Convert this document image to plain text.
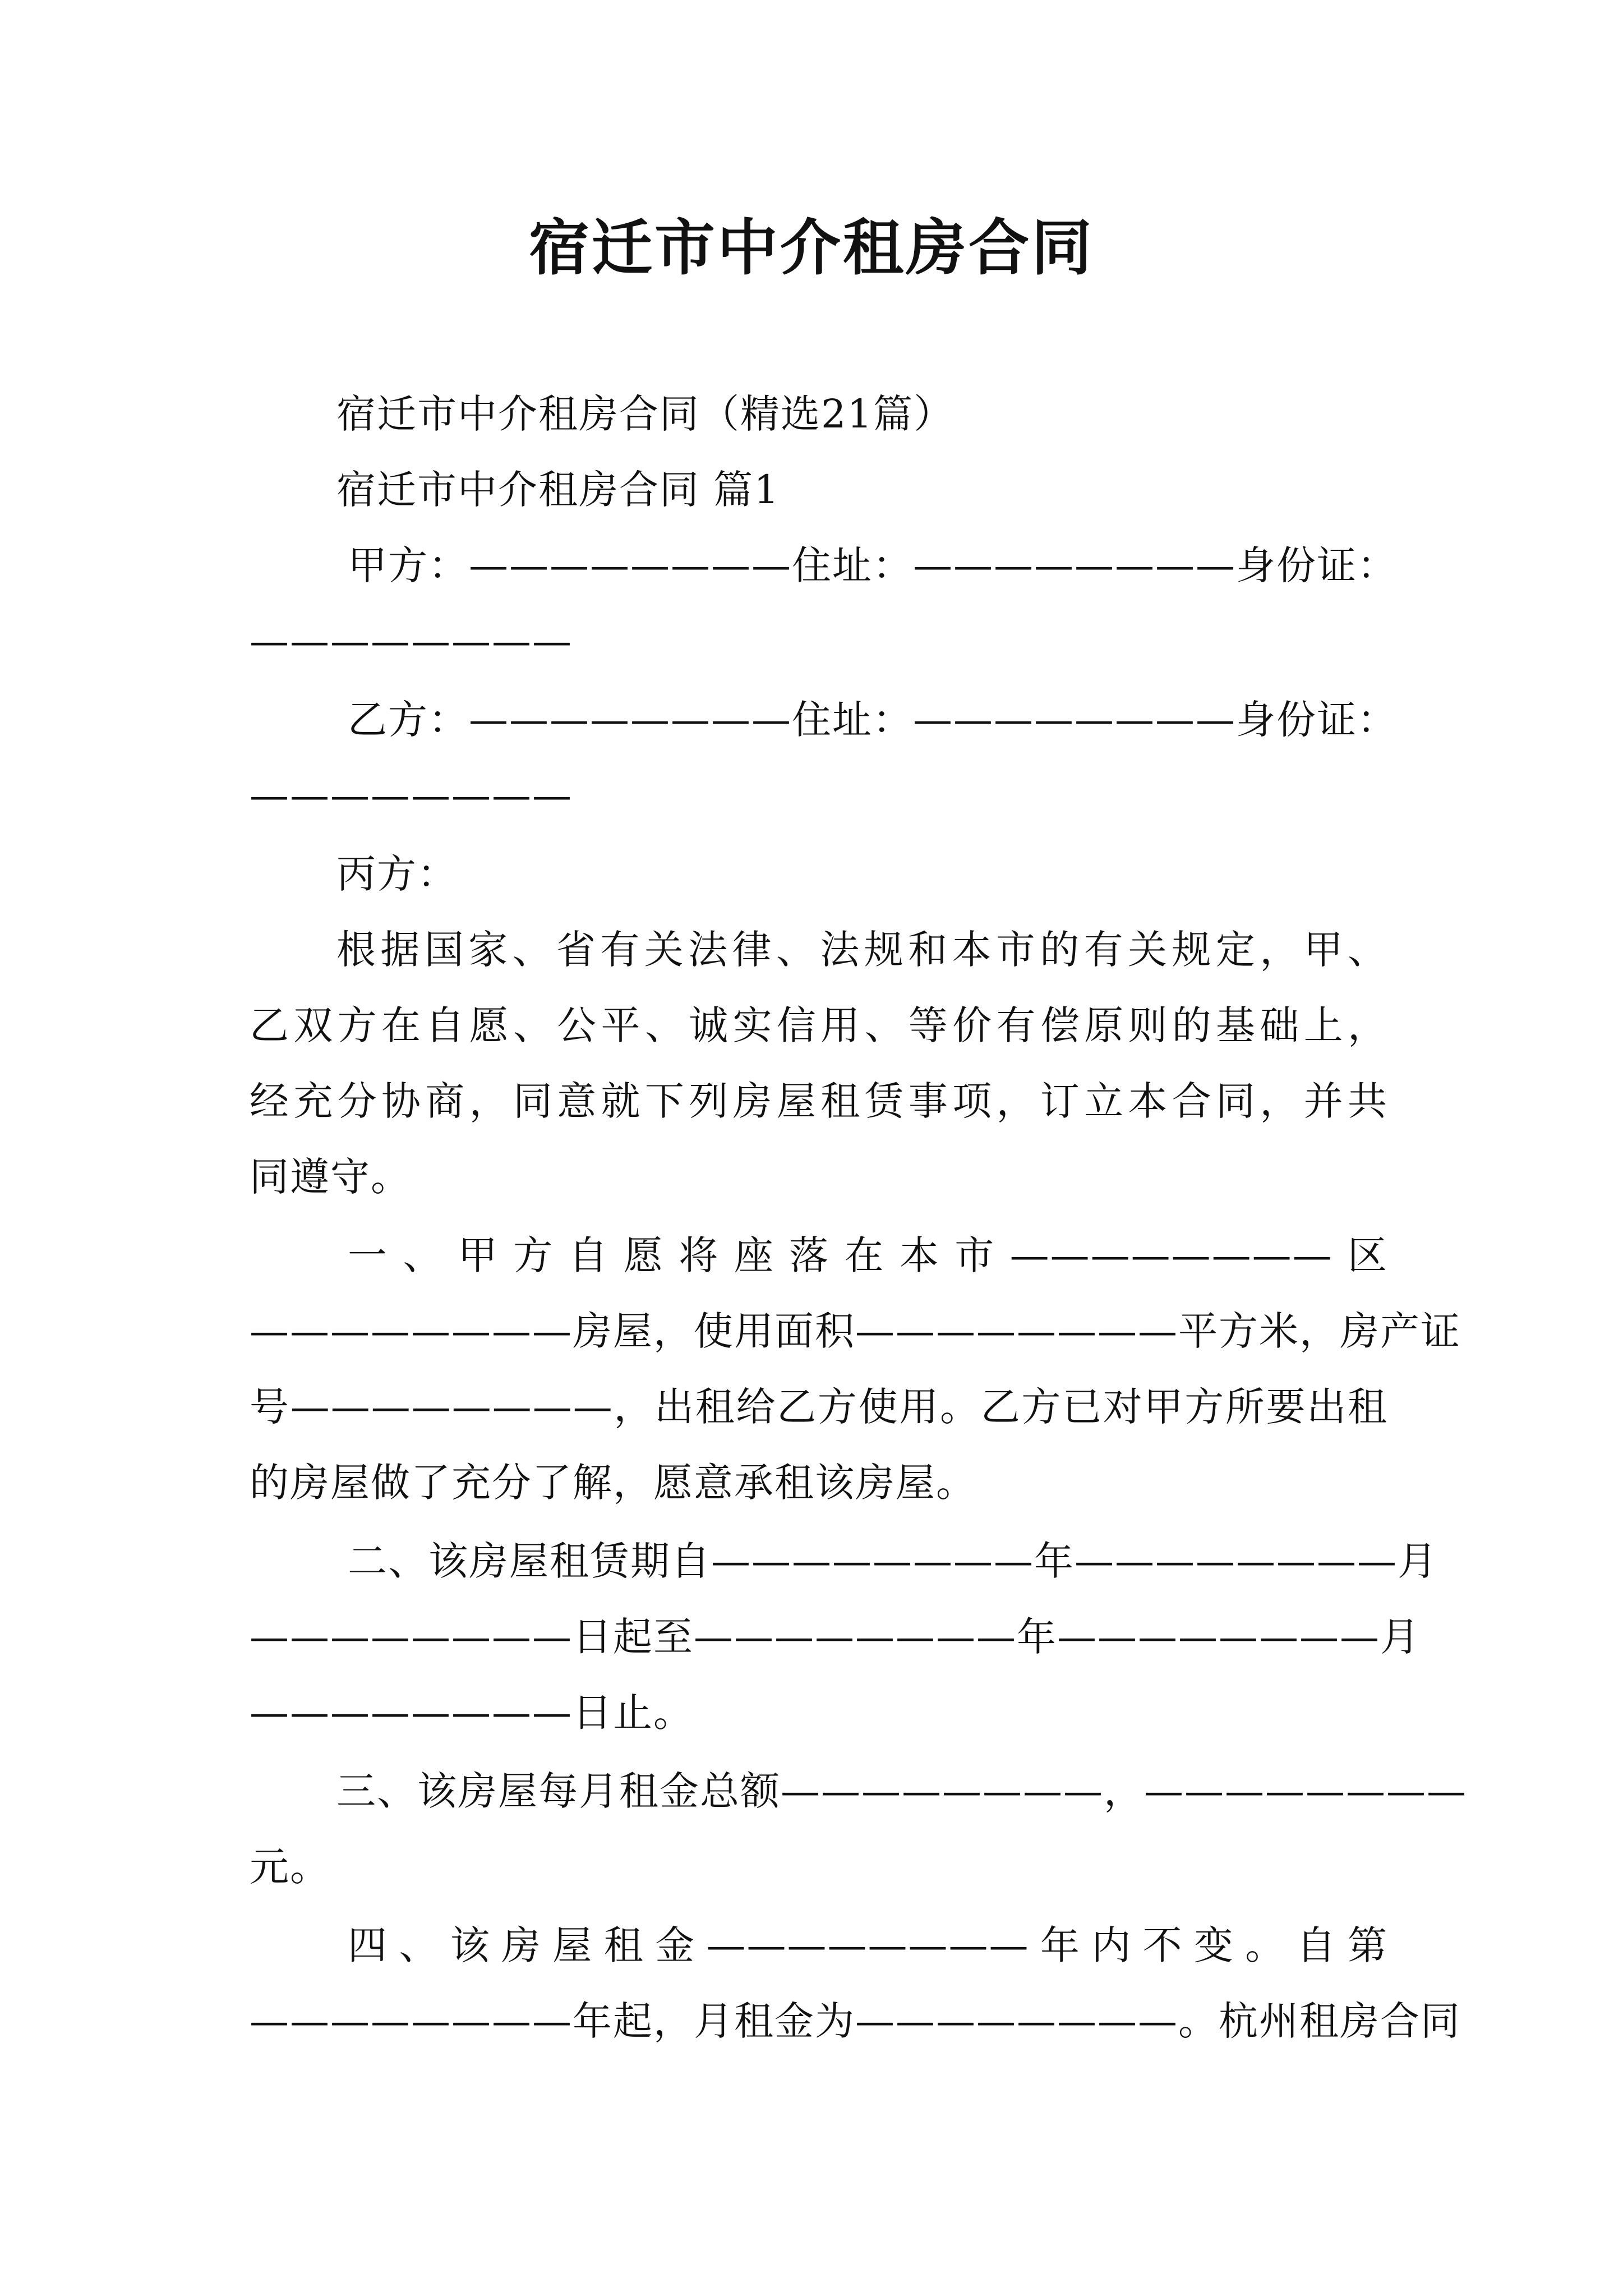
宿迁市中介租房合同
宿迁市中介租房合同（精选21篇）
宿迁市中介租房合同 篇1
甲方：————————住址：————————身份证：
————————
乙方：————————住址：————————身份证：
————————
丙方：
根据国家、省有关法律、法规和本市的有关规定，甲、
乙双方在自愿、公平、诚实信用、等价有偿原则的基础上，
经充分协商，同意就下列房屋租赁事项，订立本合同，并共
同遵守。
一、甲方自愿将座落在本市————————区
————————房屋，使用面积————————平方米，房产证
号————————，出租给乙方使用。乙方已对甲方所要出租
的房屋做了充分了解，愿意承租该房屋。
二、该房屋租赁期自————————年————————月
————————日起至————————年————————月
————————日止。
三、该房屋每月租金总额————————，————————
元。
四、该房屋租金————————年内不变。自第
————————年起，月租金为————————。杭州租房合同
